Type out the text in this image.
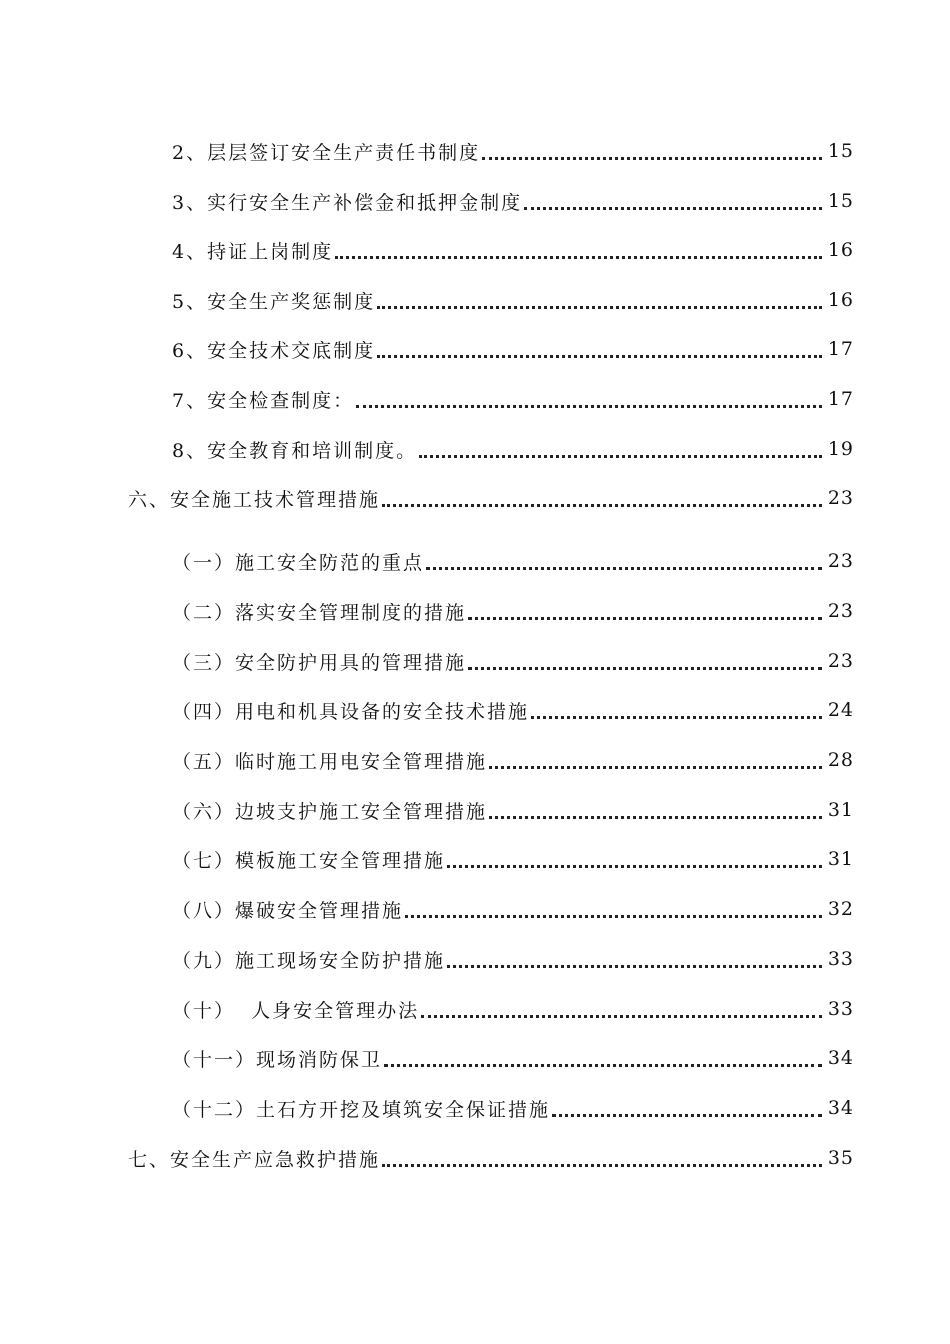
2、层层签订安全生产责任书制度	15
3、实行安全生产补偿金和抵押金制度	15
4、持证上岗制度	16
5、安全生产奖惩制度	16
6、安全技术交底制度	17
7、安全检查制度：	17
8、安全教育和培训制度。	19
六、安全施工技术管理措施	23
（一）施工安全防范的重点	23
（二）落实安全管理制度的措施	23
（三）安全防护用具的管理措施	23
（四）用电和机具设备的安全技术措施	24
（五）临时施工用电安全管理措施	28
（六）边坡支护施工安全管理措施	31
（七）模板施工安全管理措施	31
（八）爆破安全管理措施	32
（九）施工现场安全防护措施	33
（十）  人身安全管理办法	33
（十一）现场消防保卫	34
（十二）土石方开挖及填筑安全保证措施	34
七、安全生产应急救护措施	35
